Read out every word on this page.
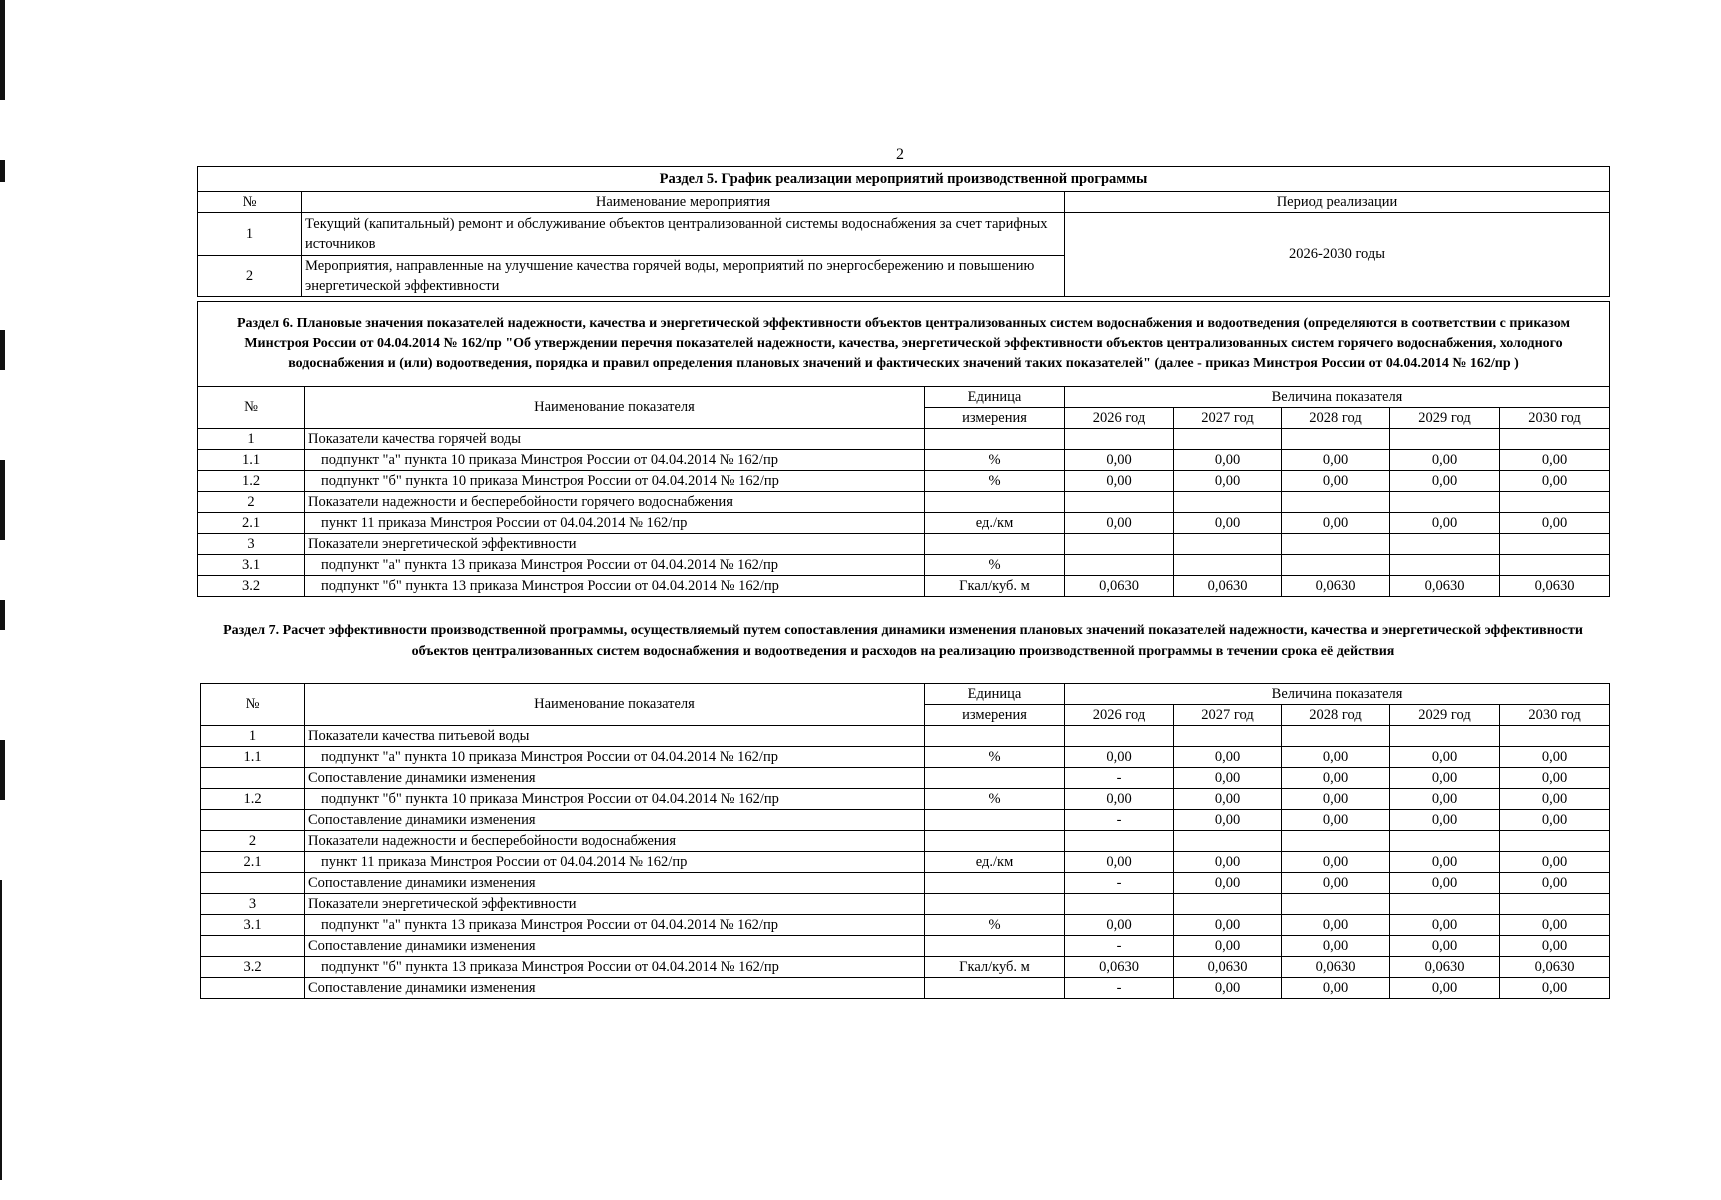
2
Раздел 5. График реализации мероприятий производственной программы		
№	Наименование мероприятия	Период реализации
1	Текущий (капитальный) ремонт и обслуживание объектов централизованной системы водоснабжения за счет тарифных источников	2026-2030 годы
2	Мероприятия, направленные на улучшение качества горячей воды, мероприятий по энергосбережению и повышению энергетической эффективности	
Раздел 6. Плановые значения показателей надежности, качества и энергетической эффективности объектов централизованных систем водоснабжения и водоотведения (определяются в соответствии с приказом Минстроя России от 04.04.2014 № 162/пр "Об утверждении перечня показателей надежности, качества, энергетической эффективности объектов централизованных систем горячего водоснабжения, холодного водоснабжения и (или) водоотведения, порядка и правил определения плановых значений и фактических значений таких показателей" (далее - приказ Минстроя России от 04.04.2014 № 162/пр )							
№	Наименование показателя	Единица	Величина показателя				
		измерения	2026 год	2027 год	2028 год	2029 год	2030 год
1	Показатели качества горячей воды						
1.1	подпункт "а" пункта 10 приказа Минстроя России от 04.04.2014 № 162/пр	%	0,00	0,00	0,00	0,00	0,00
1.2	подпункт "б" пункта 10 приказа Минстроя России от 04.04.2014 № 162/пр	%	0,00	0,00	0,00	0,00	0,00
2	Показатели надежности и бесперебойности горячего водоснабжения						
2.1	пункт 11 приказа Минстроя России от 04.04.2014 № 162/пр	ед./км	0,00	0,00	0,00	0,00	0,00
3	Показатели энергетической эффективности						
3.1	подпункт "а" пункта 13 приказа Минстроя России от 04.04.2014 № 162/пр	%					
3.2	подпункт "б" пункта 13 приказа Минстроя России от 04.04.2014 № 162/пр	Гкал/куб. м	0,0630	0,0630	0,0630	0,0630	0,0630
Раздел 7. Расчет эффективности производственной программы, осуществляемый путем сопоставления динамики изменения плановых значений показателей надежности, качества и энергетической эффективности объектов централизованных систем водоснабжения и водоотведения и расходов на реализацию производственной программы в течении срока её действия
№	Наименование показателя	Единица	Величина показателя				
		измерения	2026 год	2027 год	2028 год	2029 год	2030 год
1	Показатели качества питьевой воды						
1.1	подпункт "а" пункта 10 приказа Минстроя России от 04.04.2014 № 162/пр	%	0,00	0,00	0,00	0,00	0,00
	Сопоставление динамики изменения		-	0,00	0,00	0,00	0,00
1.2	подпункт "б" пункта 10 приказа Минстроя России от 04.04.2014 № 162/пр	%	0,00	0,00	0,00	0,00	0,00
	Сопоставление динамики изменения		-	0,00	0,00	0,00	0,00
2	Показатели надежности и бесперебойности водоснабжения						
2.1	пункт 11 приказа Минстроя России от 04.04.2014 № 162/пр	ед./км	0,00	0,00	0,00	0,00	0,00
	Сопоставление динамики изменения		-	0,00	0,00	0,00	0,00
3	Показатели энергетической эффективности						
3.1	подпункт "а" пункта 13 приказа Минстроя России от 04.04.2014 № 162/пр	%	0,00	0,00	0,00	0,00	0,00
	Сопоставление динамики изменения		-	0,00	0,00	0,00	0,00
3.2	подпункт "б" пункта 13 приказа Минстроя России от 04.04.2014 № 162/пр	Гкал/куб. м	0,0630	0,0630	0,0630	0,0630	0,0630
	Сопоставление динамики изменения		-	0,00	0,00	0,00	0,00
